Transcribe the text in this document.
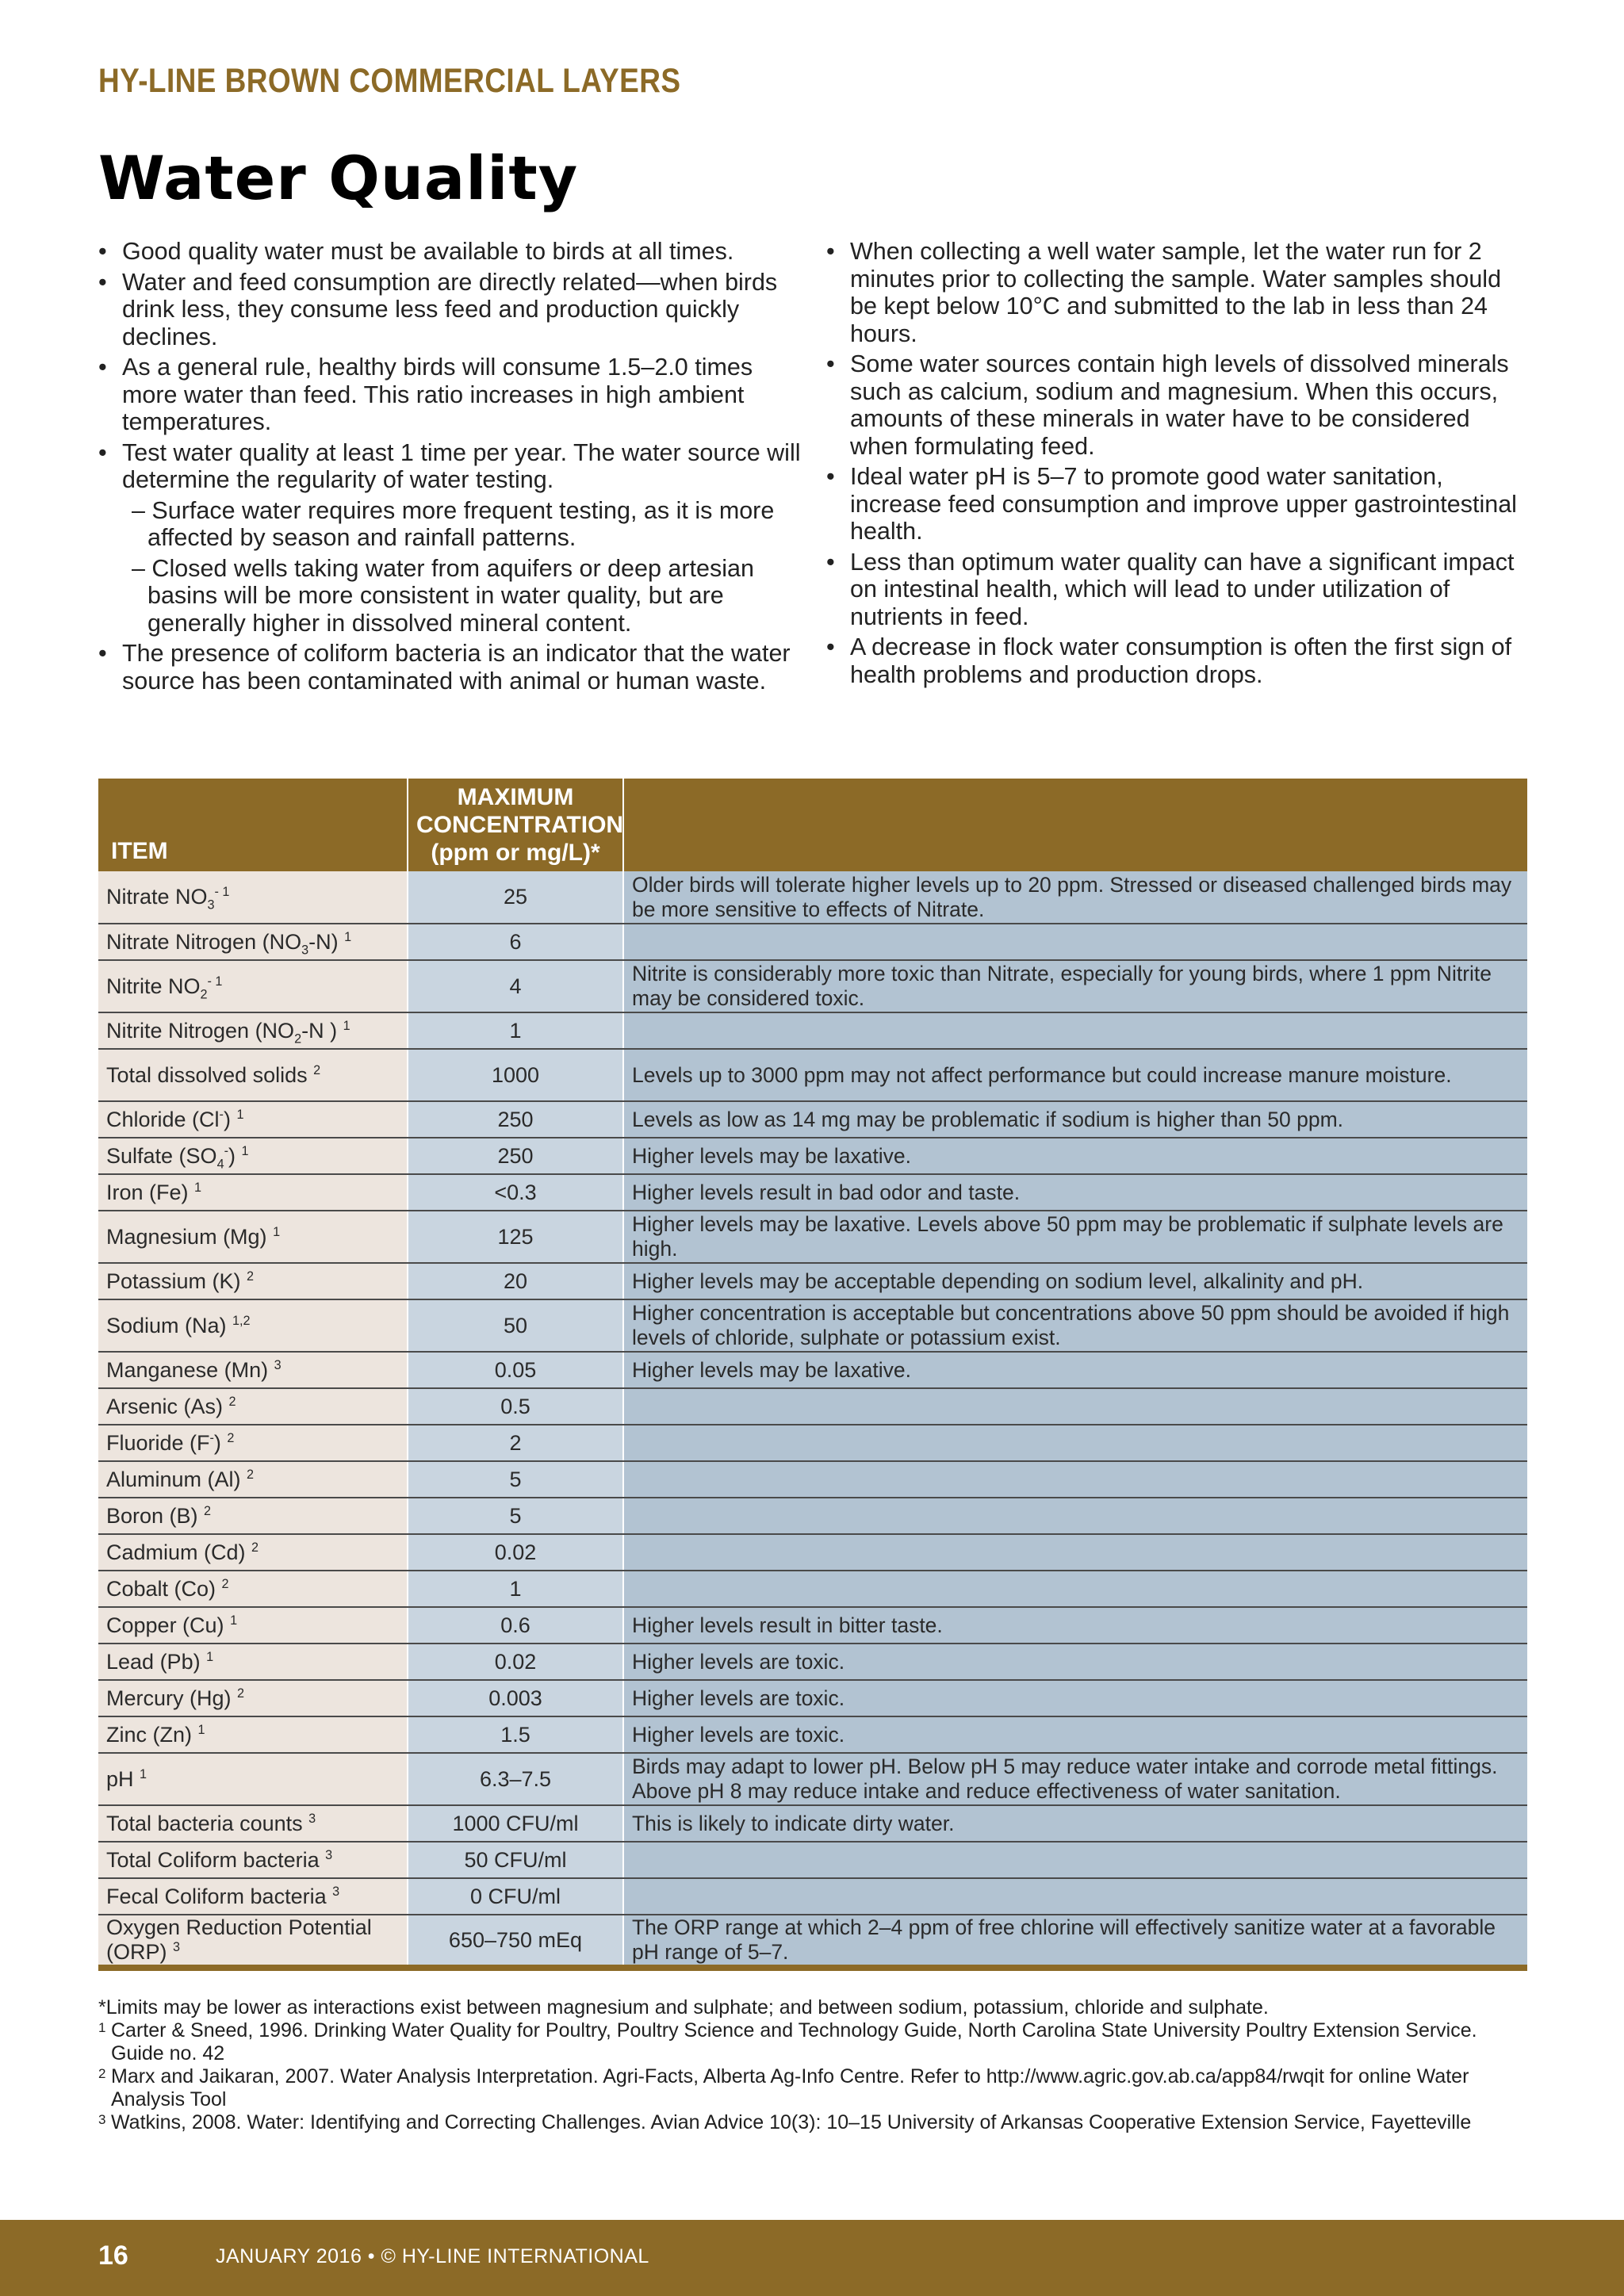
HY-LINE BROWN COMMERCIAL LAYERS
Water Quality

• Good quality water must be available to birds at all times.

• Water and feed consumption are directly related—when birds drink less, they consume less feed and production quickly declines.

• As a general rule, healthy birds will consume 1.5–2.0 times more water than feed. This ratio increases in high ambient temperatures.

• Test water quality at least 1 time per year. The water source will determine the regularity of water testing.

– Surface water requires more frequent testing, as it is more affected by season and rainfall patterns.

– Closed wells taking water from aquifers or deep artesian basins will be more consistent in water quality, but are generally higher in dissolved mineral content.

• The presence of coliform bacteria is an indicator that the water source has been contaminated with animal or human waste.

• When collecting a well water sample, let the water run for 2 minutes prior to collecting the sample. Water samples should be kept below 10°C and submitted to the lab in less than 24 hours.

• Some water sources contain high levels of dissolved minerals such as calcium, sodium and magnesium. When this occurs, amounts of these minerals in water have to be considered when formulating feed.

• Ideal water pH is 5–7 to promote good water sanitation, increase feed consumption and improve upper gastrointestinal health.

• Less than optimum water quality can have a significant impact on intestinal health, which will lead to under utilization of nutrients in feed.

• A decrease in flock water consumption is often the first sign of health problems and production drops.

ITEM	MAXIMUM
CONCENTRATION
(ppm or mg/L)*	

Nitrate $NO_3^-$ $^1$	25	Older birds will tolerate higher levels up to 20 ppm. Stressed or diseased challenged birds may be more sensitive to effects of Nitrate.
Nitrate Nitrogen $(NO_3-N)$ $^1$	6	
Nitrite $NO_2^-$ $^1$	4	Nitrite is considerably more toxic than Nitrate, especially for young birds, where 1 ppm Nitrite may be considered toxic.
Nitrite Nitrogen ($NO_2-N$ ) $^1$	1	
Total dissolved solids $^2$	1000	Levels up to 3000 ppm may not affect performance but could increase manure moisture.
Chloride (Cl-) $^1$	250	Levels as low as 14 mg may be problematic if sodium is higher than 50 ppm.
Sulfate $(SO_4^-)$ $^1$	250	Higher levels may be laxative.
Iron (Fe) $^1$	<0.3	Higher levels result in bad odor and taste.
Magnesium (Mg) $^1$	125	Higher levels may be laxative. Levels above 50 ppm may be problematic if sulphate levels are high.
Potassium (K) $^2$	20	Higher levels may be acceptable depending on sodium level, alkalinity and pH.
Sodium (Na) $^{1,2}$	50	Higher concentration is acceptable but concentrations above 50 ppm should be avoided if high levels of chloride, sulphate or potassium exist.
Manganese (Mn) $^3$	0.05	Higher levels may be laxative.
Arsenic (As) $^2$	0.5	
Fluoride (F-) $^2$	2	
Aluminum (Al) $^2$	5	
Boron (B) $^2$	5	
Cadmium (Cd) $^2$	0.02	
Cobalt (Co) $^2$	1	
Copper (Cu) $^1$	0.6	Higher levels result in bitter taste.
Lead (Pb) $^1$	0.02	Higher levels are toxic.
Mercury (Hg) $^2$	0.003	Higher levels are toxic.
Zinc (Zn) $^1$	1.5	Higher levels are toxic.
pH $^1$	6.3–7.5	Birds may adapt to lower pH. Below pH 5 may reduce water intake and corrode metal fittings. Above pH 8 may reduce intake and reduce effectiveness of water sanitation.
Total bacteria counts $^3$	1000 CFU/ml	This is likely to indicate dirty water.
Total Coliform bacteria $^3$	50 CFU/ml	
Fecal Coliform bacteria $^3$	0 CFU/ml	
Oxygen Reduction Potential (ORP) $^3$	650–750 mEq	The ORP range at which 2–4 ppm of free chlorine will effectively sanitize water at a favorable pH range of 5–7.

*Limits may be lower as interactions exist between magnesium and sulphate; and between sodium, potassium, chloride and sulphate.

1 Carter & Sneed, 1996. Drinking Water Quality for Poultry, Poultry Science and Technology Guide, North Carolina State University Poultry Extension Service. Guide no. 42

2 Marx and Jaikaran, 2007. Water Analysis Interpretation. Agri-Facts, Alberta Ag-Info Centre. Refer to http://www.agric.gov.ab.ca/app84/rwqit for online Water Analysis Tool

3 Watkins, 2008. Water: Identifying and Correcting Challenges. Avian Advice 10(3): 10–15 University of Arkansas Cooperative Extension Service, Fayetteville

16	JANUARY 2016 • © HY-LINE INTERNATIONAL
